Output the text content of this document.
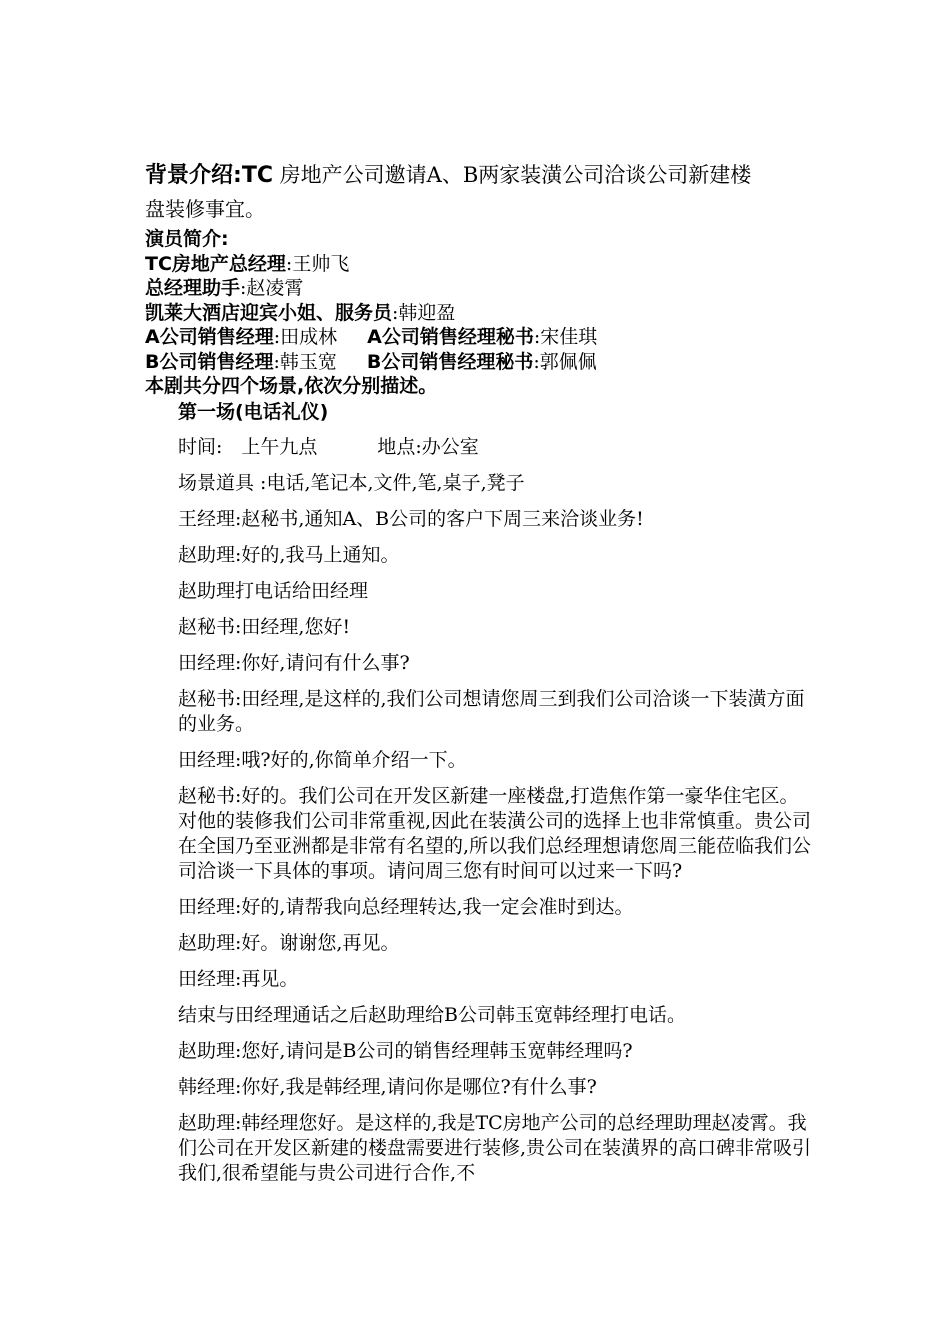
背景介绍:TC 房地产公司邀请A、B两家装潢公司洽谈公司新建楼
盘装修事宜。
演员简介:
TC房地产总经理:王帅飞
总经理助手:赵凌霄
凯莱大酒店迎宾小姐、服务员:韩迎盈
A公司销售经理:田成林 A公司销售经理秘书:宋佳琪
B公司销售经理:韩玉宽 B公司销售经理秘书:郭佩佩
本剧共分四个场景,依次分别描述。
第一场(电话礼仪)
时间:　上午九点	地点:办公室
场景道具 :电话,笔记本,文件,笔,桌子,凳子
王经理:赵秘书,通知A、B公司的客户下周三来洽谈业务!
赵助理:好的,我马上通知。
赵助理打电话给田经理
赵秘书:田经理,您好!
田经理:你好,请问有什么事?
赵秘书:田经理,是这样的,我们公司想请您周三到我们公司洽谈一下装潢方面的业务。
田经理:哦?好的,你简单介绍一下。
赵秘书:好的。我们公司在开发区新建一座楼盘,打造焦作第一豪华住宅区。对他的装修我们公司非常重视,因此在装潢公司的选择上也非常慎重。贵公司在全国乃至亚洲都是非常有名望的,所以我们总经理想请您周三能莅临我们公司洽谈一下具体的事项。请问周三您有时间可以过来一下吗?
田经理:好的,请帮我向总经理转达,我一定会准时到达。
赵助理:好。谢谢您,再见。
田经理:再见。
结束与田经理通话之后赵助理给B公司韩玉宽韩经理打电话。
赵助理:您好,请问是B公司的销售经理韩玉宽韩经理吗?
韩经理:你好,我是韩经理,请问你是哪位?有什么事?
赵助理:韩经理您好。是这样的,我是TC房地产公司的总经理助理赵凌霄。我们公司在开发区新建的楼盘需要进行装修,贵公司在装潢界的高口碑非常吸引我们,很希望能与贵公司进行合作,不
